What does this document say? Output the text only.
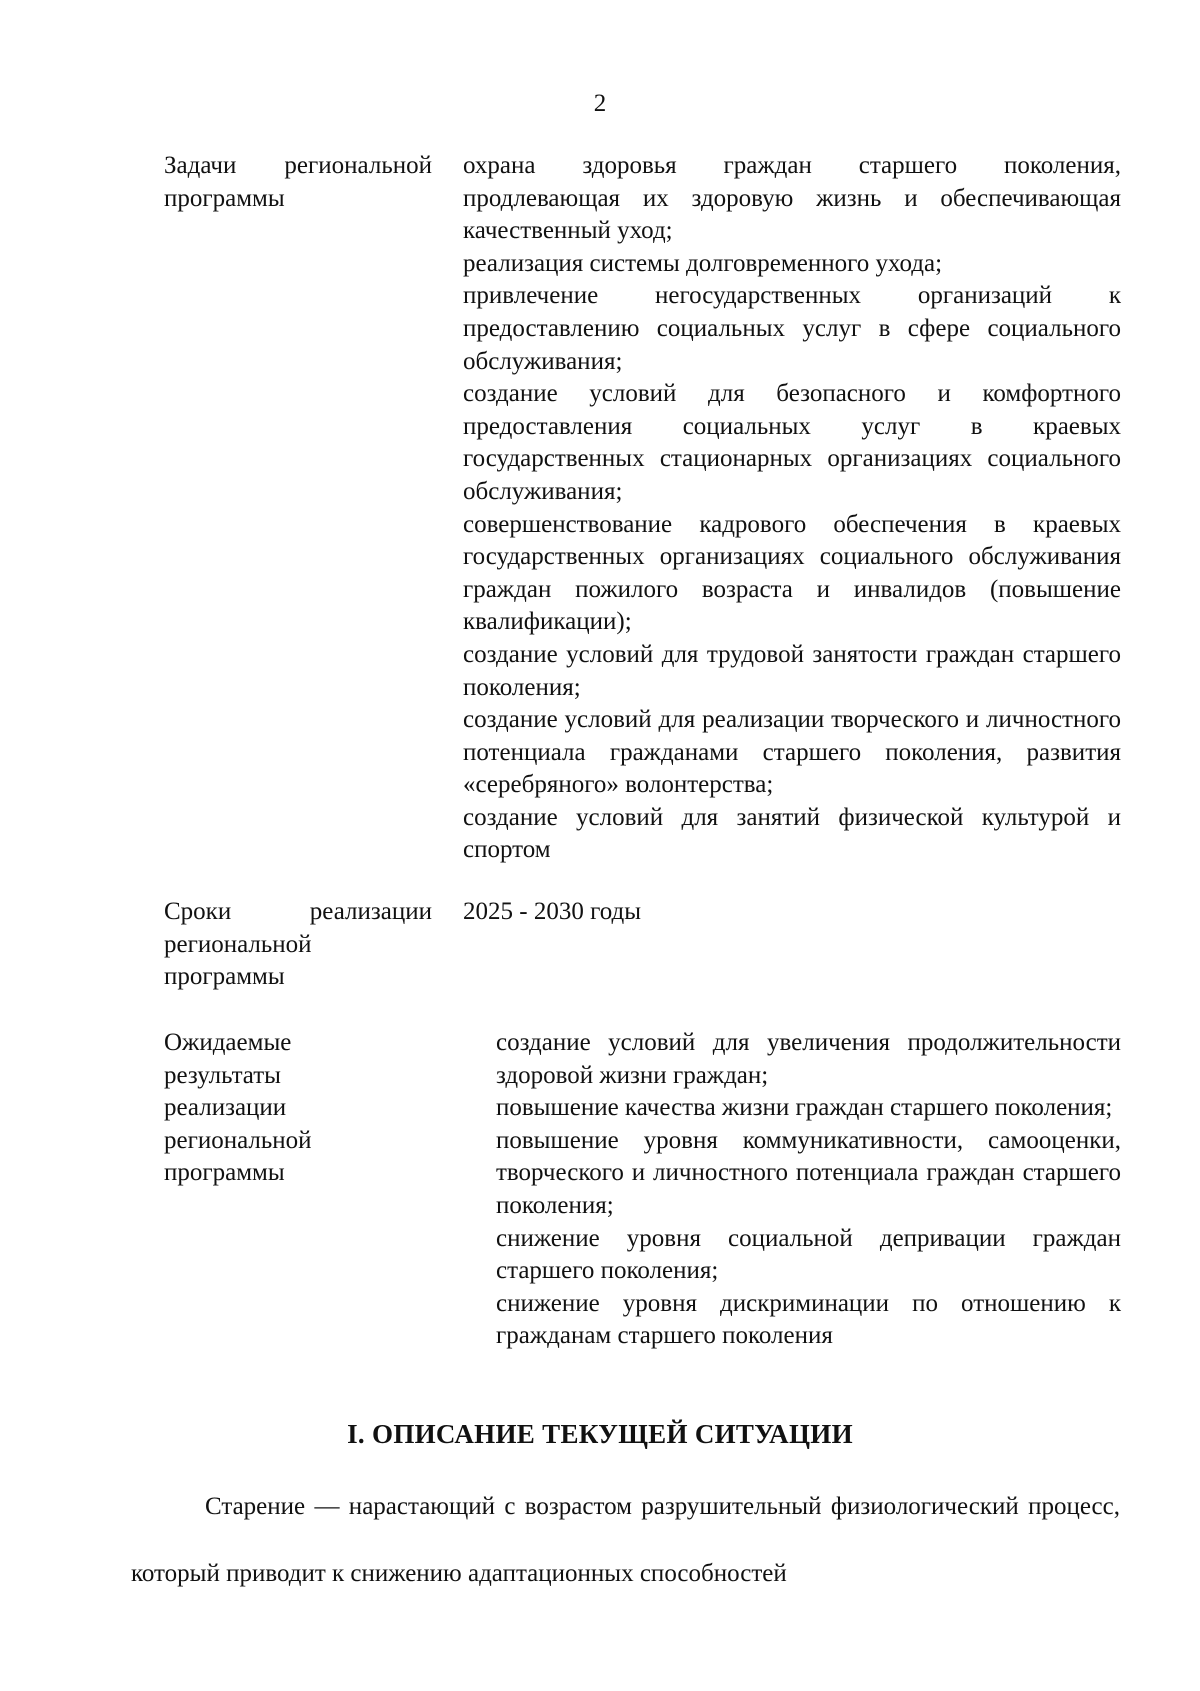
2
Задачи региональной программы

охрана здоровья граждан старшего поколения, продлевающая их здоровую жизнь и обеспечивающая качественный уход;

реализация системы долговременного ухода;

привлечение негосударственных организаций к предоставлению социальных услуг в сфере социального обслуживания;

создание условий для безопасного и комфортного предоставления социальных услуг в краевых государственных стационарных организациях социального обслуживания;

совершенствование кадрового обеспечения в краевых государственных организациях социального обслуживания граждан пожилого возраста и инвалидов (повышение квалификации);

создание условий для трудовой занятости граждан старшего поколения;

создание условий для реализации творческого и личностного потенциала гражданами старшего поколения, развития «серебряного» волонтерства;

создание условий для занятий физической культурой и спортом

Сроки реализации региональной программы

2025 - 2030 годы

Ожидаемые результаты реализации региональной программы

создание условий для увеличения продолжительности здоровой жизни граждан;

повышение качества жизни граждан старшего поколения;

повышение уровня коммуникативности, самооценки, творческого и личностного потенциала граждан старшего поколения;

снижение уровня социальной депривации граждан старшего поколения;

снижение уровня дискриминации по отношению к гражданам старшего поколения

I. ОПИСАНИЕ ТЕКУЩЕЙ СИТУАЦИИ

Старение — нарастающий с возрастом разрушительный физиологический процесс, который приводит к снижению адаптационных способностей
